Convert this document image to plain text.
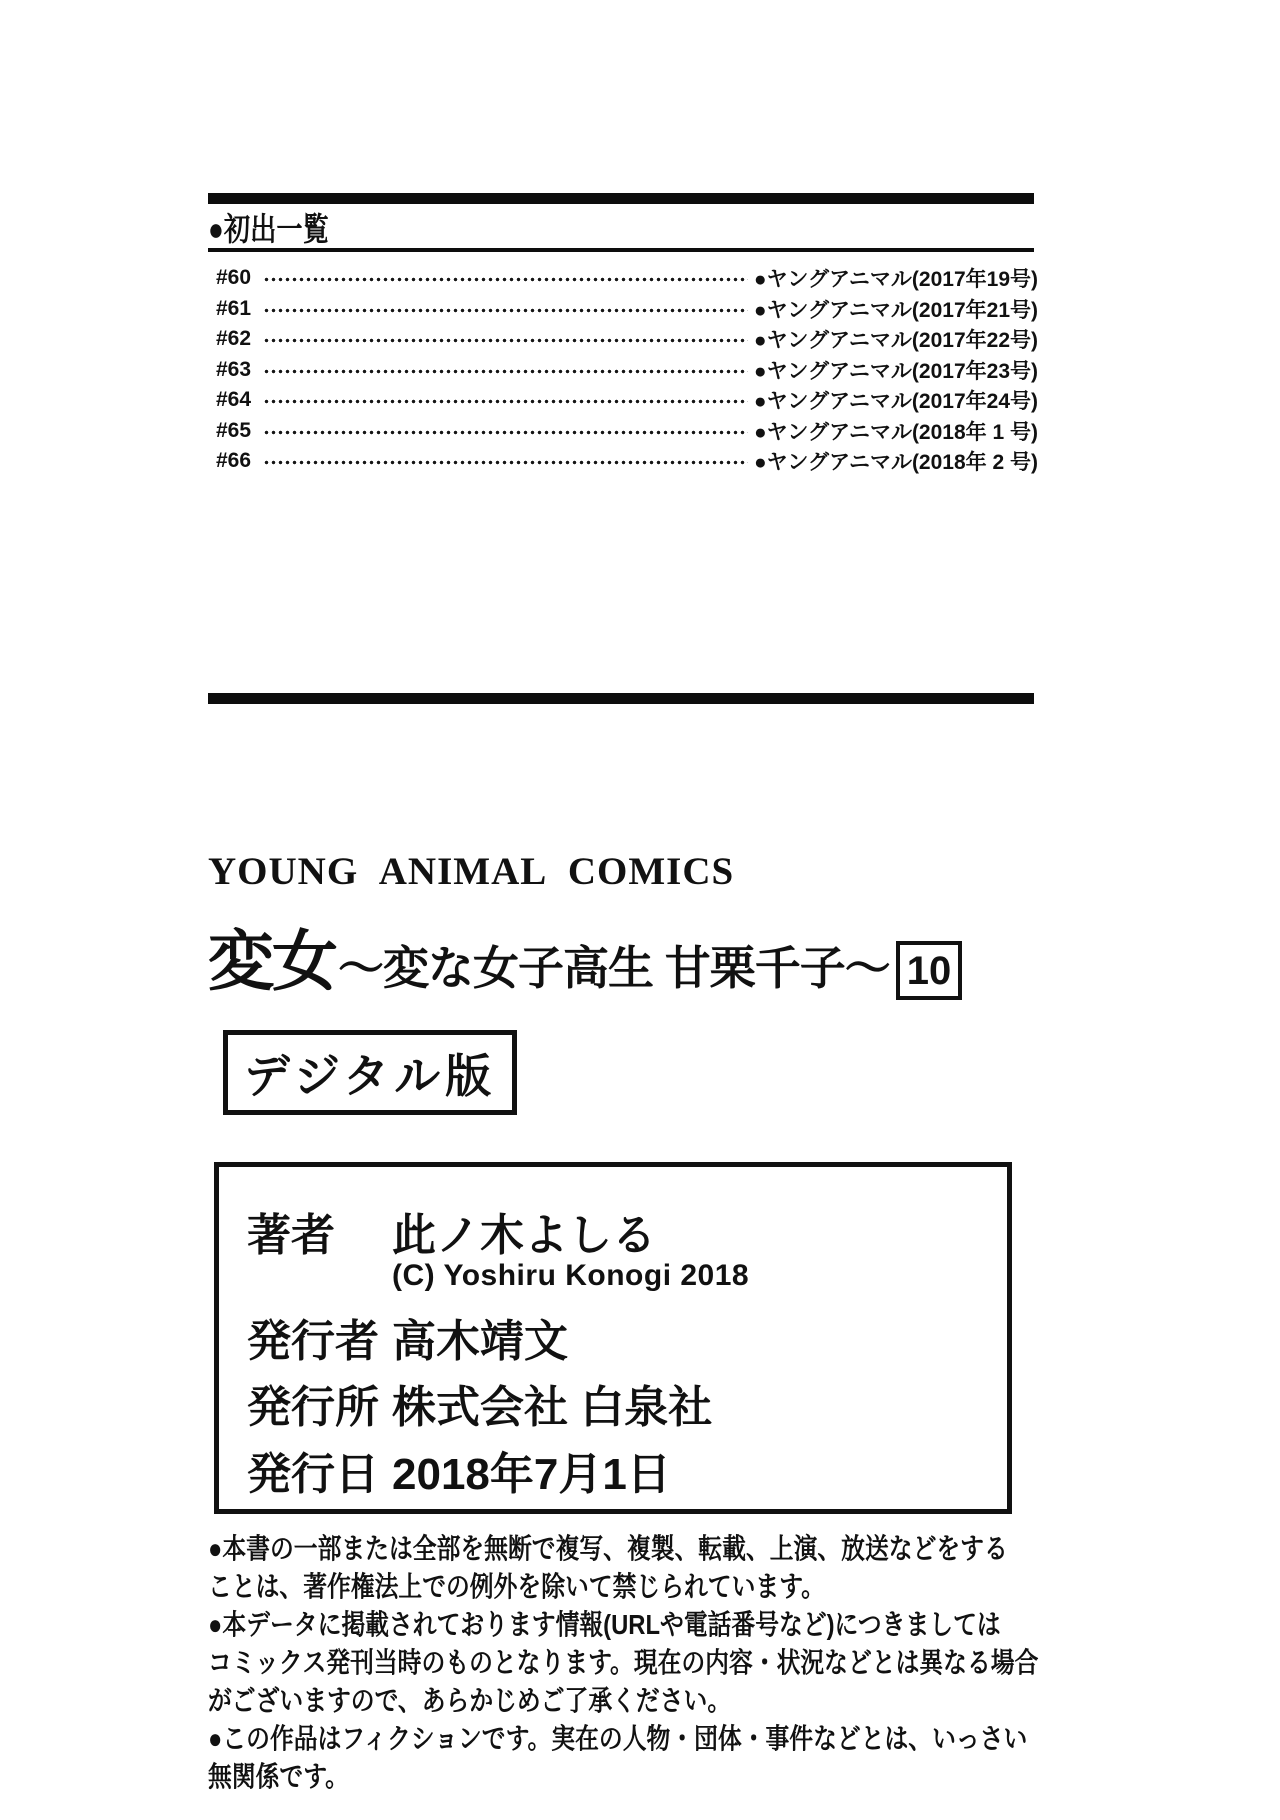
●初出一覧
#60	●ヤングアニマル(2017年19号)
#61	●ヤングアニマル(2017年21号)
#62	●ヤングアニマル(2017年22号)
#63	●ヤングアニマル(2017年23号)
#64	●ヤングアニマル(2017年24号)
#65	●ヤングアニマル(2018年 1 号)
#66	●ヤングアニマル(2018年 2 号)
YOUNG ANIMAL COMICS
変女 ～変な女子高生 甘栗千子～ 10
デジタル版
著者	此ノ木よしる
(C) Yoshiru Konogi 2018
発行者 高木靖文
発行所 株式会社 白泉社
発行日 2018年7月1日
●本書の一部または全部を無断で複写、複製、転載、上演、放送などをする
ことは、著作権法上での例外を除いて禁じられています。
●本データに掲載されております情報(URLや電話番号など)につきましては
コミックス発刊当時のものとなります。現在の内容・状況などとは異なる場合
がございますので、あらかじめご了承ください。
●この作品はフィクションです。実在の人物・団体・事件などとは、いっさい
無関係です。
